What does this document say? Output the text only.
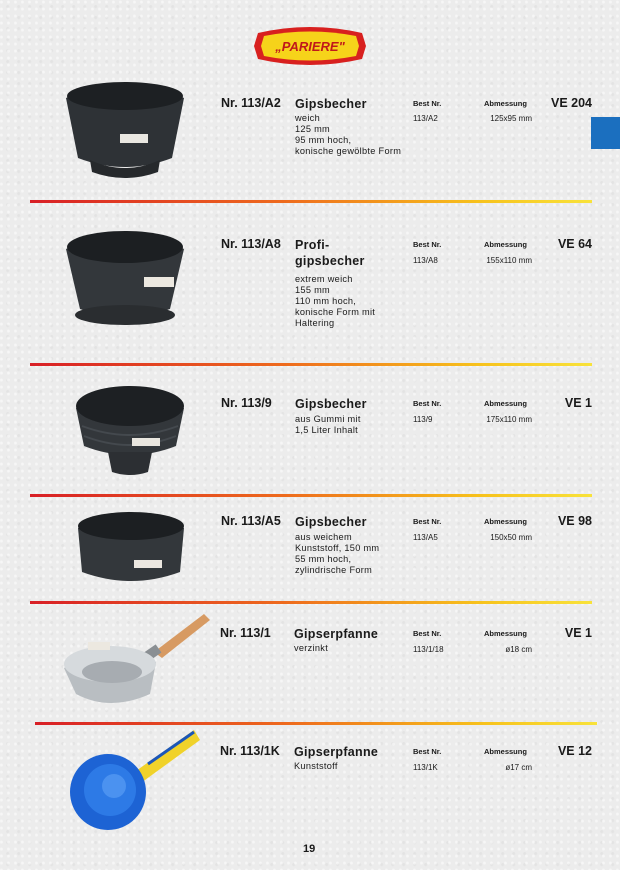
„PARIERE"
Nr. 113/A2 Gipsbecher
weich
125 mm
95 mm hoch,
konische gewölbte Form
Best Nr.
113/A2
Abmessung
125x95 mm
VE 204
Nr. 113/A8 Profi-
gipsbecher
extrem weich
155 mm
110 mm hoch,
konische Form mit
Haltering
Best Nr.
113/A8
Abmessung
155x110 mm
VE 64
Nr. 113/9 Gipsbecher
aus Gummi mit
1,5 Liter Inhalt
Best Nr.
113/9
Abmessung
175x110 mm
VE 1
Nr. 113/A5 Gipsbecher
aus weichem
Kunststoff, 150 mm
55 mm hoch,
zylindrische Form
Best Nr.
113/A5
Abmessung
150x50 mm
VE 98
Nr. 113/1 Gipserpfanne
verzinkt
Best Nr.
113/1/18
Abmessung
ø18 cm
VE 1
Nr. 113/1K Gipserpfanne
Kunststoff
Best Nr.
113/1K
Abmessung
ø17 cm
VE 12
19
